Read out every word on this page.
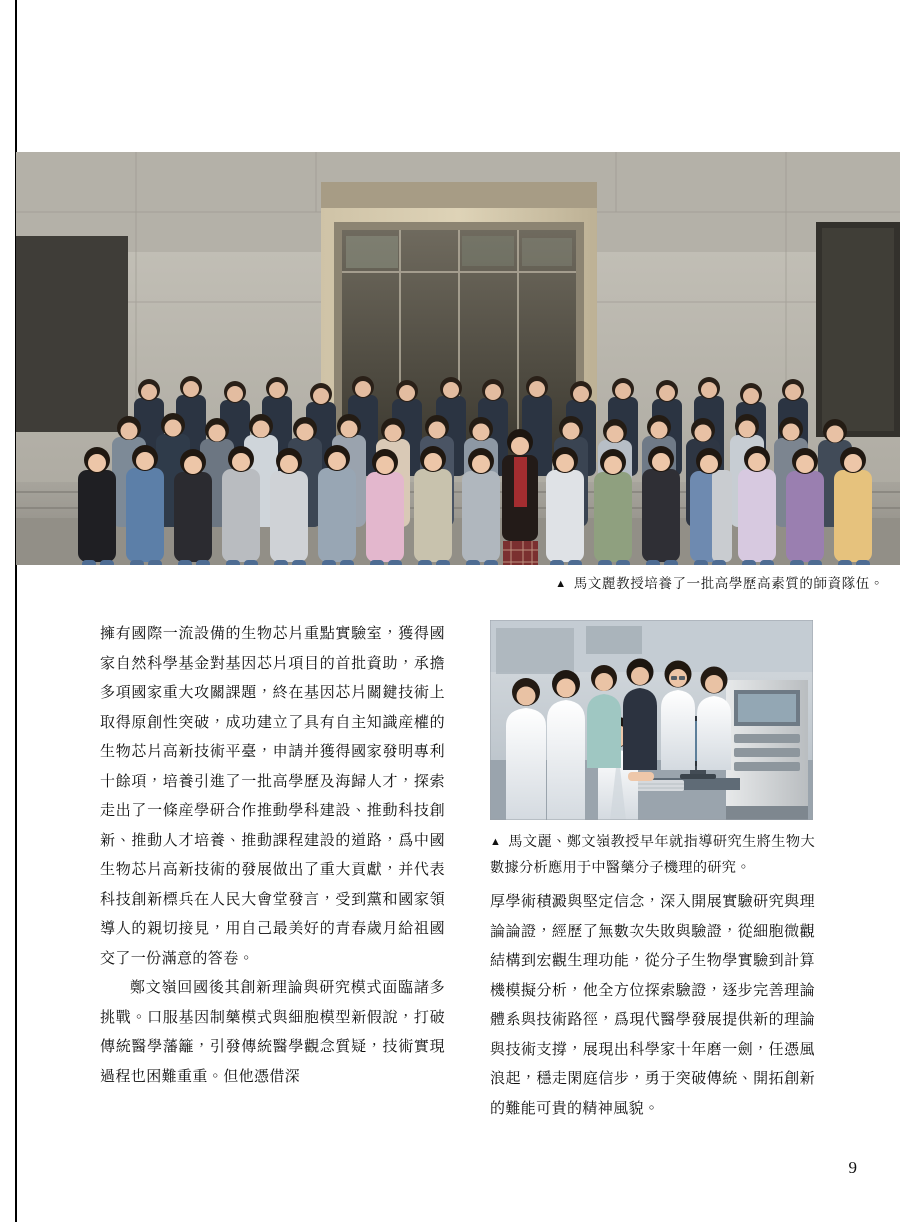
▲ 馬文麗教授培養了一批高學歷高素質的師資隊伍。

擁有國際一流設備的生物芯片重點實驗室，獲得國家自然科學基金對基因芯片項目的首批資助，承擔多項國家重大攻關課題，終在基因芯片關鍵技術上取得原創性突破，成功建立了具有自主知識産權的生物芯片高新技術平臺，申請并獲得國家發明專利十餘項，培養引進了一批高學歷及海歸人才，探索走出了一條産學研合作推動學科建設、推動科技創新、推動人才培養、推動課程建設的道路，爲中國生物芯片高新技術的發展做出了重大貢獻，并代表科技創新標兵在人民大會堂發言，受到黨和國家領導人的親切接見，用自己最美好的青春歲月給祖國交了一份滿意的答卷。

鄭文嶺回國後其創新理論與研究模式面臨諸多挑戰。口服基因制藥模式與細胞模型新假說，打破傳統醫學藩籬，引發傳統醫學觀念質疑，技術實現過程也困難重重。但他憑借深

▲ 馬文麗、鄭文嶺教授早年就指導研究生將生物大數據分析應用于中醫藥分子機理的研究。

厚學術積澱與堅定信念，深入開展實驗研究與理論論證，經歷了無數次失敗與驗證，從細胞微觀結構到宏觀生理功能，從分子生物學實驗到計算機模擬分析，他全方位探索驗證，逐步完善理論體系與技術路徑，爲現代醫學發展提供新的理論與技術支撐，展現出科學家十年磨一劍，任憑風浪起，穩走閑庭信步，勇于突破傳統、開拓創新的難能可貴的精神風貌。

9
